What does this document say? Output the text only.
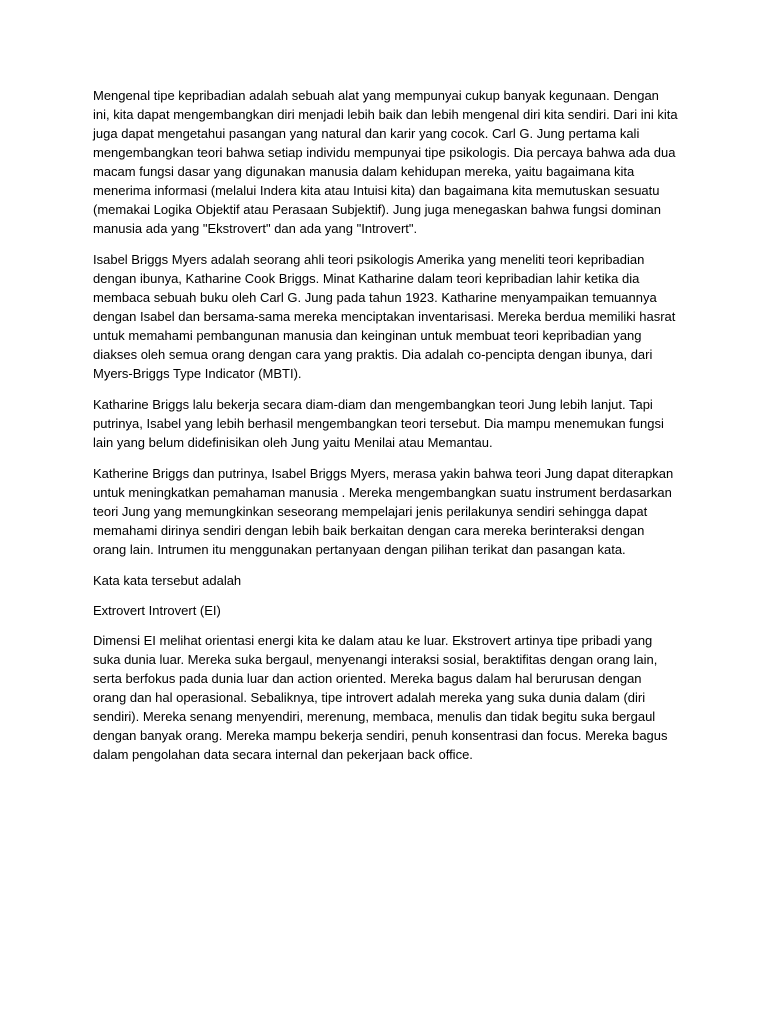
Mengenal tipe kepribadian adalah sebuah alat yang mempunyai cukup banyak kegunaan. Dengan ini, kita dapat mengembangkan diri menjadi lebih baik dan lebih mengenal diri kita sendiri. Dari ini kita juga dapat mengetahui pasangan yang natural dan karir yang cocok. Carl G. Jung pertama kali mengembangkan teori bahwa setiap individu mempunyai tipe psikologis. Dia percaya bahwa ada dua macam fungsi dasar yang digunakan manusia dalam kehidupan mereka, yaitu bagaimana kita menerima informasi (melalui Indera kita atau Intuisi kita) dan bagaimana kita memutuskan sesuatu (memakai Logika Objektif atau Perasaan Subjektif). Jung juga menegaskan bahwa fungsi dominan manusia ada yang "Ekstrovert" dan ada yang "Introvert".

Isabel Briggs Myers adalah seorang ahli teori psikologis Amerika yang meneliti teori kepribadian dengan ibunya, Katharine Cook Briggs. Minat Katharine dalam teori kepribadian lahir ketika dia membaca sebuah buku oleh Carl G. Jung pada tahun 1923. Katharine menyampaikan temuannya dengan Isabel dan bersama-sama mereka menciptakan inventarisasi. Mereka berdua memiliki hasrat untuk memahami pembangunan manusia dan keinginan untuk membuat teori kepribadian yang diakses oleh semua orang dengan cara yang praktis. Dia adalah co-pencipta dengan ibunya, dari Myers-Briggs Type Indicator (MBTI).

Katharine Briggs lalu bekerja secara diam-diam dan mengembangkan teori Jung lebih lanjut. Tapi putrinya, Isabel yang lebih berhasil mengembangkan teori tersebut. Dia mampu menemukan fungsi lain yang belum didefinisikan oleh Jung yaitu Menilai atau Memantau.

Katherine Briggs dan putrinya, Isabel Briggs Myers, merasa yakin bahwa teori Jung dapat diterapkan untuk meningkatkan pemahaman manusia . Mereka mengembangkan suatu instrument berdasarkan teori Jung yang memungkinkan seseorang mempelajari jenis perilakunya sendiri sehingga dapat memahami dirinya sendiri dengan lebih baik berkaitan dengan cara mereka berinteraksi dengan orang lain. Intrumen itu menggunakan pertanyaan dengan pilihan terikat dan pasangan kata.

Kata kata tersebut adalah

Extrovert Introvert (EI)

Dimensi EI melihat orientasi energi kita ke dalam atau ke luar. Ekstrovert artinya tipe pribadi yang suka dunia luar. Mereka suka bergaul, menyenangi interaksi sosial, beraktifitas dengan orang lain, serta berfokus pada dunia luar dan action oriented. Mereka bagus dalam hal berurusan dengan orang dan hal operasional. Sebaliknya, tipe introvert adalah mereka yang suka dunia dalam (diri sendiri). Mereka senang menyendiri, merenung, membaca, menulis dan tidak begitu suka bergaul dengan banyak orang. Mereka mampu bekerja sendiri, penuh konsentrasi dan focus. Mereka bagus dalam pengolahan data secara internal dan pekerjaan back office.
